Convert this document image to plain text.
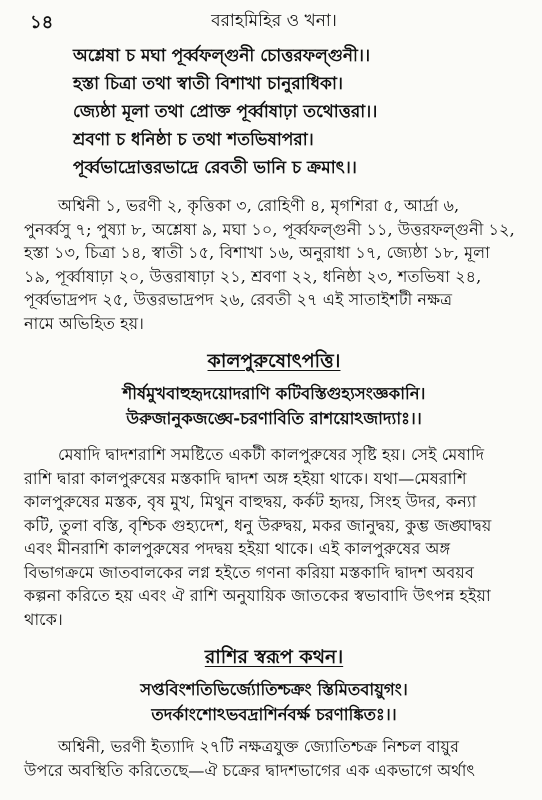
১৪	বরাহমিহির ও খনা।
অশ্লেষা চ মঘা পূর্ব্বফল্গুনী চোত্তরফল্গুনী।।
হস্তা চিত্রা তথা স্বাতী বিশাখা চানুরাধিকা।
জ্যেষ্ঠা মূলা তথা প্রোক্ত পূর্ব্বাষাঢ়া তথোত্তরা।।
শ্রবণা চ ধনিষ্ঠা চ তথা শতভিষাপরা।
পূর্ব্বভাদ্রোত্তরভাদ্রে রেবতী ভানি চ ক্রমাৎ।।
অশ্বিনী ১, ভরণী ২, কৃত্তিকা ৩, রোহিণী ৪, মৃগশিরা ৫, আর্দ্রা ৬,
পুনর্ব্বসু ৭; পুষ্যা ৮, অশ্লেষা ৯, মঘা ১০, পূর্ব্বফল্গুনী ১১, উত্তরফল্গুনী ১২,
হস্তা ১৩, চিত্রা ১৪, স্বাতী ১৫, বিশাখা ১৬, অনুরাধা ১৭, জ্যেষ্ঠা ১৮, মূলা
১৯, পূর্ব্বাষাঢ়া ২০, উত্তরাষাঢ়া ২১, শ্রবণা ২২, ধনিষ্ঠা ২৩, শতভিষা ২৪,
পূর্ব্বভাদ্রপদ ২৫, উত্তরভাদ্রপদ ২৬, রেবতী ২৭ এই সাতাইশটী নক্ষত্র
নামে অভিহিত হয়।
কালপুরুষোৎপত্তি।
শীর্ষমুখবাহুহৃদয়োদরাণি কটিবস্তিগুহ্যসংজ্ঞকানি।
উরুজানুকজঙ্ঘে-চরণাবিতি রাশয়োঽজাদ্যাঃ।।
মেষাদি দ্বাদশরাশি সমষ্টিতে একটী কালপুরুষের সৃষ্টি হয়। সেই মেষাদি
রাশি দ্বারা কালপুরুষের মস্তকাদি দ্বাদশ অঙ্গ হইয়া থাকে। যথা—মেষরাশি
কালপুরুষের মস্তক, বৃষ মুখ, মিথুন বাহুদ্বয়, কর্কট হৃদয়, সিংহ উদর, কন্যা
কটি, তুলা বস্তি, বৃশ্চিক গুহ্যদেশ, ধনু উরুদ্বয়, মকর জানুদ্বয়, কুম্ভ জঙ্ঘাদ্বয়
এবং মীনরাশি কালপুরুষের পদদ্বয় হইয়া থাকে। এই কালপুরুষের অঙ্গ
বিভাগক্রমে জাতবালকের লগ্ন হইতে গণনা করিয়া মস্তকাদি দ্বাদশ অবয়ব
কল্পনা করিতে হয় এবং ঐ রাশি অনুযায়িক জাতকের স্বভাবাদি উৎপন্ন হইয়া
থাকে।
রাশির স্বরূপ কথন।
সপ্তবিংশতিভির্জ্যোতিশ্চক্রং স্তিমিতবায়ুগং।
তদর্কাংশোঽভবদ্রাশির্নবর্ক্ষ চরণাঙ্কিতঃ।।
অশ্বিনী, ভরণী ইত্যাদি ২৭টি নক্ষত্রযুক্ত জ্যোতিশ্চক্র নিশ্চল বায়ুর
উপরে অবস্থিতি করিতেছে—ঐ চক্রের দ্বাদশভাগের এক একভাগে অর্থাৎ
